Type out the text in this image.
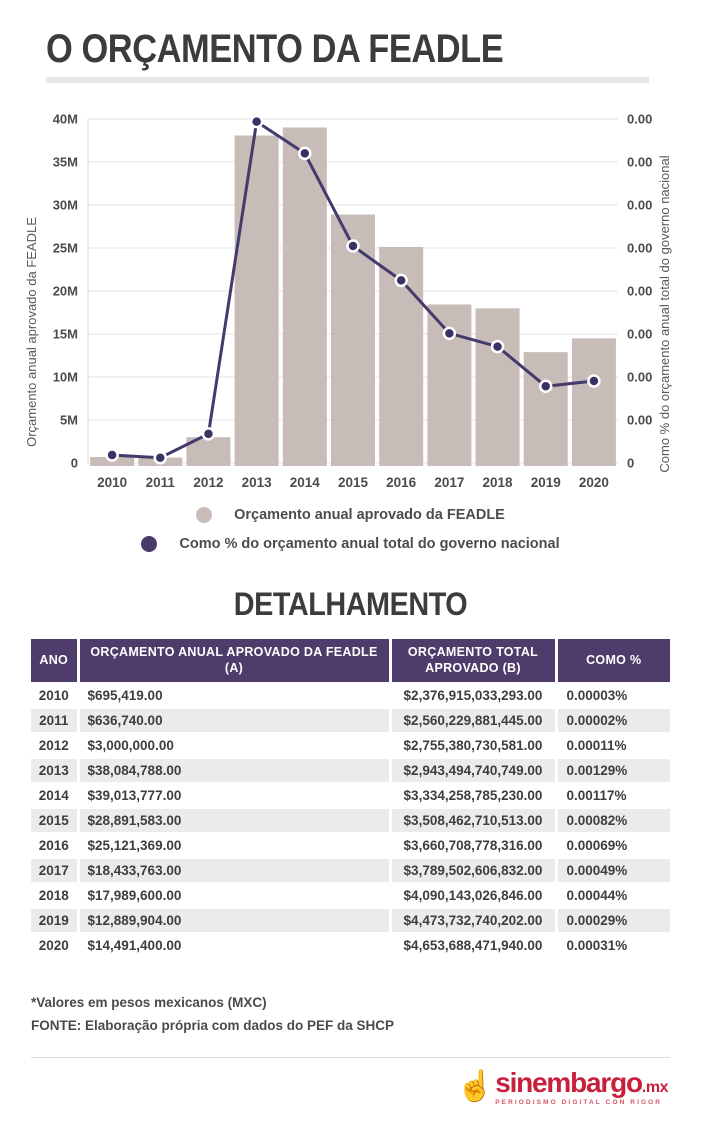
O ORÇAMENTO DA FEADLE
0	0
5M	0.00
10M	0.00
15M	0.00
20M	0.00
25M	0.00
30M	0.00
35M	0.00
40M	0.00
2010 2011 2012 2013 2014 2015 2016 2017 2018 2019 2020
Orçamento anual aprovado da FEADLE	Como % do orçamento anual total do governo nacional
Orçamento anual aprovado da FEADLE
Como % do orçamento anual total do governo nacional
DETALHAMENTO
ANO	ORÇAMENTO ANUAL APROVADO DA FEADLE (A)	ORÇAMENTO TOTAL APROVADO (B)	COMO %
2010	$695,419.00	$2,376,915,033,293.00	0.00003%
2011	$636,740.00	$2,560,229,881,445.00	0.00002%
2012	$3,000,000.00	$2,755,380,730,581.00	0.00011%
2013	$38,084,788.00	$2,943,494,740,749.00	0.00129%
2014	$39,013,777.00	$3,334,258,785,230.00	0.00117%
2015	$28,891,583.00	$3,508,462,710,513.00	0.00082%
2016	$25,121,369.00	$3,660,708,778,316.00	0.00069%
2017	$18,433,763.00	$3,789,502,606,832.00	0.00049%
2018	$17,989,600.00	$4,090,143,026,846.00	0.00044%
2019	$12,889,904.00	$4,473,732,740,202.00	0.00029%
2020	$14,491,400.00	$4,653,688,471,940.00	0.00031%
*Valores em pesos mexicanos (MXC)
FONTE: Elaboração própria com dados do PEF da SHCP
☝ sinembargo .mx
PERIODISMO DIGITAL CON RIGOR
